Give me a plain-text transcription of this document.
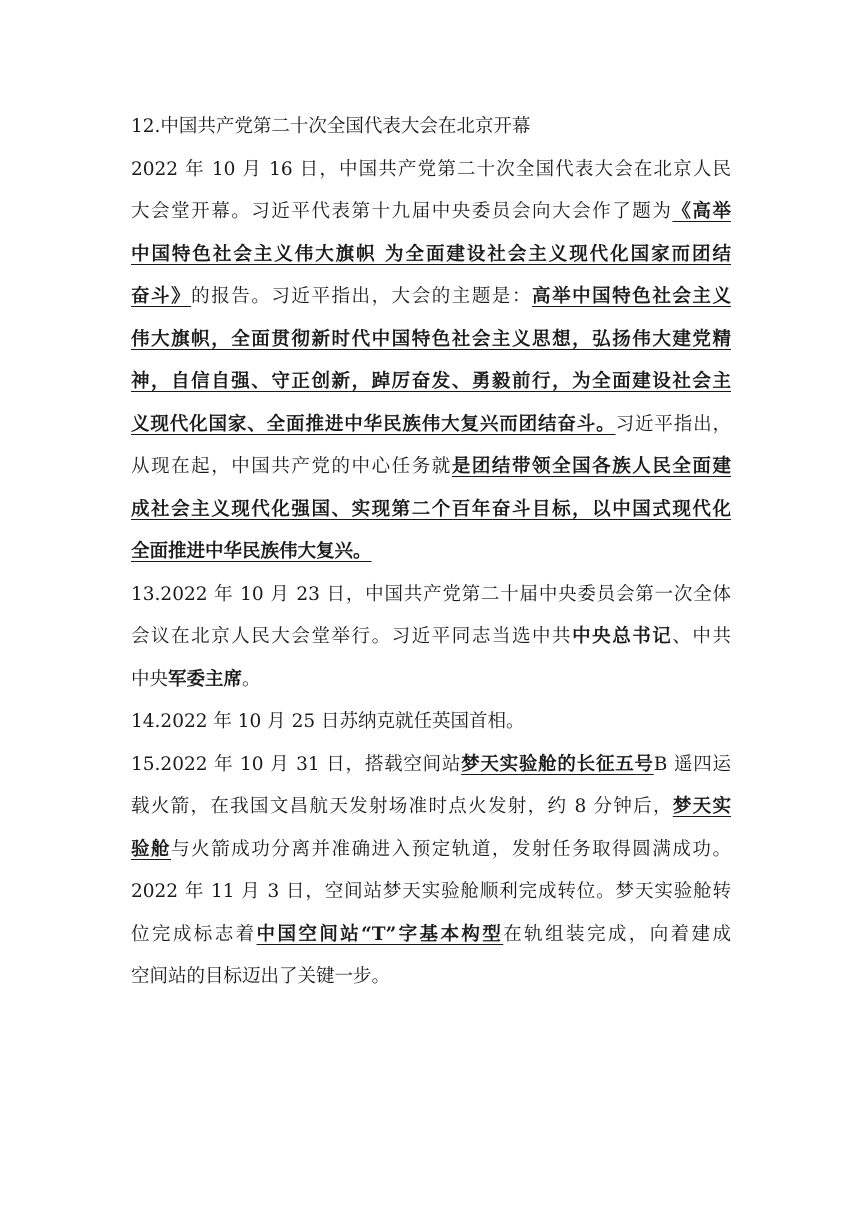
12.中国共产党第二十次全国代表大会在北京开幕
2022 年 10 月 16 日，中国共产党第二十次全国代表大会在北京人民
大会堂开幕。习近平代表第十九届中央委员会向大会作了题为《高举
中国特色社会主义伟大旗帜 为全面建设社会主义现代化国家而团结
奋斗》的报告。习近平指出，大会的主题是：高举中国特色社会主义
伟大旗帜，全面贯彻新时代中国特色社会主义思想，弘扬伟大建党精
神，自信自强、守正创新，踔厉奋发、勇毅前行，为全面建设社会主
义现代化国家、全面推进中华民族伟大复兴而团结奋斗。习近平指出，
从现在起，中国共产党的中心任务就是团结带领全国各族人民全面建
成社会主义现代化强国、实现第二个百年奋斗目标，以中国式现代化
全面推进中华民族伟大复兴。
13.2022 年 10 月 23 日，中国共产党第二十届中央委员会第一次全体
会议在北京人民大会堂举行。习近平同志当选中共中央总书记、中共
中央军委主席。
14.2022 年 10 月 25 日苏纳克就任英国首相。
15.2022 年 10 月 31 日，搭载空间站梦天实验舱的长征五号B 遥四运
载火箭，在我国文昌航天发射场准时点火发射，约 8 分钟后，梦天实
验舱与火箭成功分离并准确进入预定轨道，发射任务取得圆满成功。
2022 年 11 月 3 日，空间站梦天实验舱顺利完成转位。梦天实验舱转
位完成标志着中国空间站“T”字基本构型在轨组装完成，向着建成
空间站的目标迈出了关键一步。
